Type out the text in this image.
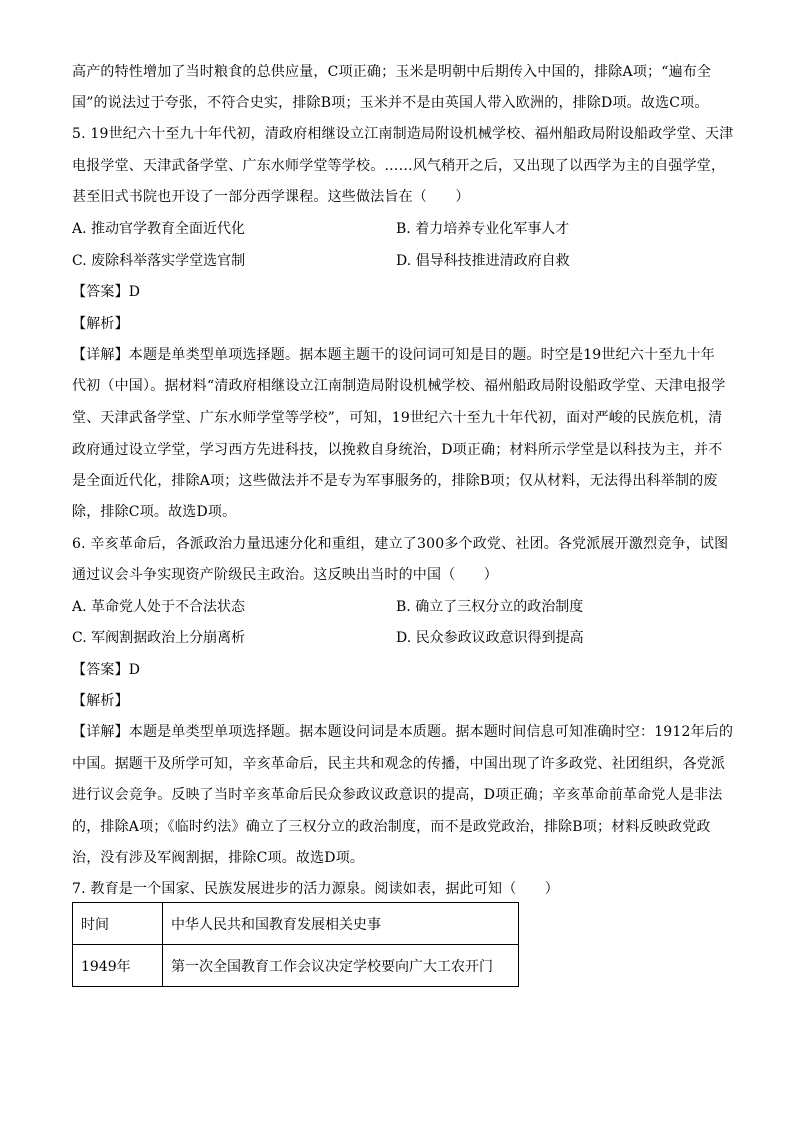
高产的特性增加了当时粮食的总供应量，C项正确；玉米是明朝中后期传入中国的，排除A项；“遍布全
国”的说法过于夸张，不符合史实，排除B项；玉米并不是由英国人带入欧洲的，排除D项。故选C项。
5. 19世纪六十至九十年代初，清政府相继设立江南制造局附设机械学校、福州船政局附设船政学堂、天津
电报学堂、天津武备学堂、广东水师学堂等学校。……风气稍开之后，又出现了以西学为主的自强学堂，
甚至旧式书院也开设了一部分西学课程。这些做法旨在（　　）
A. 推动官学教育全面近代化	B. 着力培养专业化军事人才
C. 废除科举落实学堂选官制	D. 倡导科技推进清政府自救
【答案】D
【解析】
【详解】本题是单类型单项选择题。据本题主题干的设问词可知是目的题。时空是19世纪六十至九十年
代初（中国）。据材料“清政府相继设立江南制造局附设机械学校、福州船政局附设船政学堂、天津电报学
堂、天津武备学堂、广东水师学堂等学校”，可知，19世纪六十至九十年代初，面对严峻的民族危机，清
政府通过设立学堂，学习西方先进科技，以挽救自身统治，D项正确；材料所示学堂是以科技为主，并不
是全面近代化，排除A项；这些做法并不是专为军事服务的，排除B项；仅从材料，无法得出科举制的废
除，排除C项。故选D项。
6. 辛亥革命后，各派政治力量迅速分化和重组，建立了300多个政党、社团。各党派展开激烈竞争，试图
通过议会斗争实现资产阶级民主政治。这反映出当时的中国（　　）
A. 革命党人处于不合法状态	B. 确立了三权分立的政治制度
C. 军阀割据政治上分崩离析	D. 民众参政议政意识得到提高
【答案】D
【解析】
【详解】本题是单类型单项选择题。据本题设问词是本质题。据本题时间信息可知准确时空：1912年后的
中国。据题干及所学可知，辛亥革命后，民主共和观念的传播，中国出现了许多政党、社团组织，各党派
进行议会竞争。反映了当时辛亥革命后民众参政议政意识的提高，D项正确；辛亥革命前革命党人是非法
的，排除A项；《临时约法》确立了三权分立的政治制度，而不是政党政治，排除B项；材料反映政党政
治，没有涉及军阀割据，排除C项。故选D项。
7. 教育是一个国家、民族发展进步的活力源泉。阅读如表，据此可知（　　）
时间	中华人民共和国教育发展相关史事
1949年	第一次全国教育工作会议决定学校要向广大工农开门
